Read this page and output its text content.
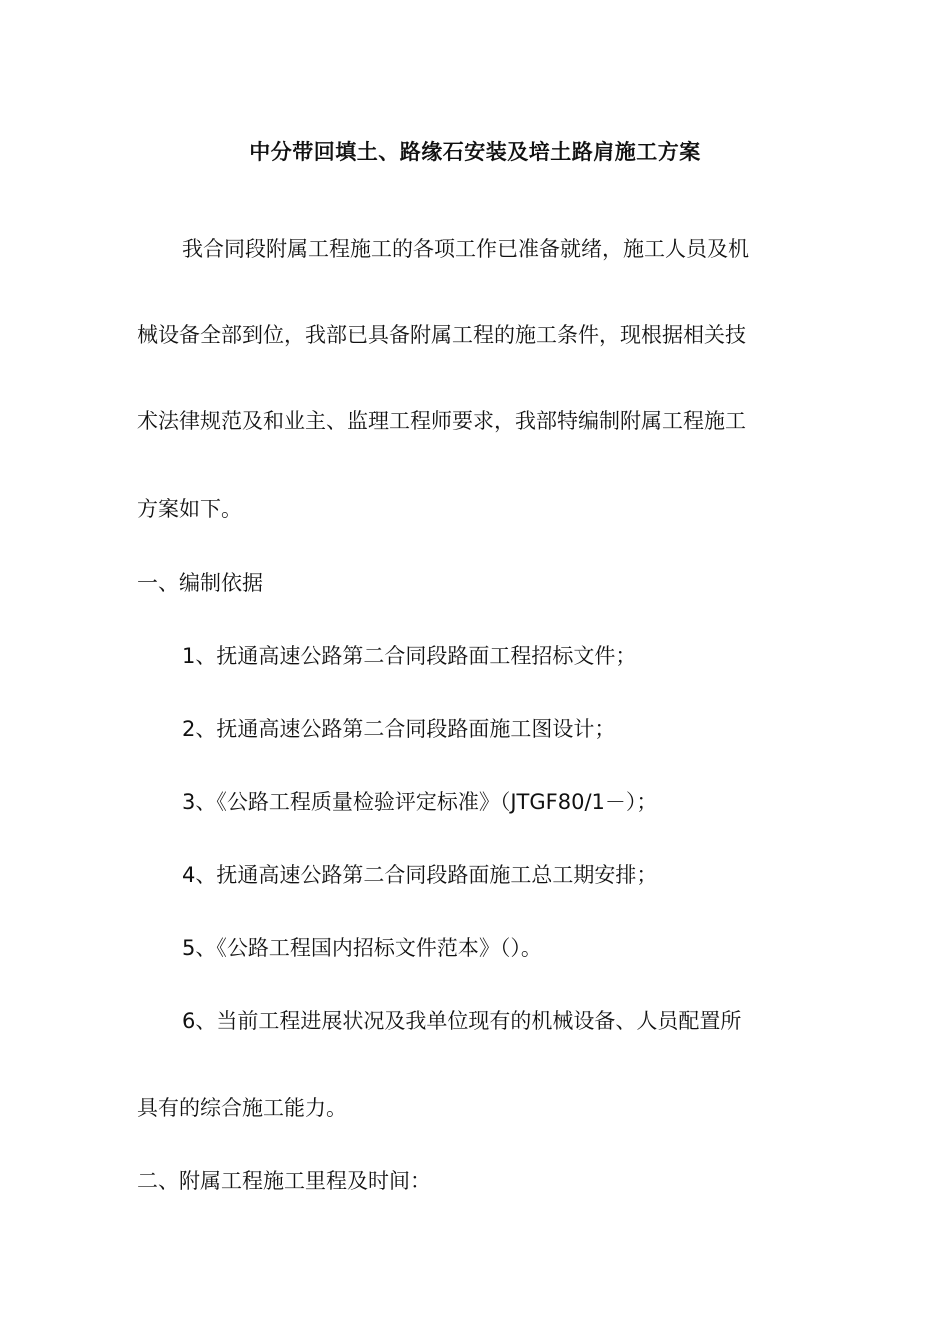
中分带回填土、路缘石安装及培土路肩施工方案
我合同段附属工程施工的各项工作已准备就绪，施工人员及机
械设备全部到位，我部已具备附属工程的施工条件，现根据相关技
术法律规范及和业主、监理工程师要求，我部特编制附属工程施工
方案如下。
一、编制依据
1、抚通高速公路第二合同段路面工程招标文件；
2、抚通高速公路第二合同段路面施工图设计；
3、《公路工程质量检验评定标准》（JTGF80/1－）；
4、抚通高速公路第二合同段路面施工总工期安排；
5、《公路工程国内招标文件范本》（）。
6、当前工程进展状况及我单位现有的机械设备、人员配置所
具有的综合施工能力。
二、附属工程施工里程及时间：
